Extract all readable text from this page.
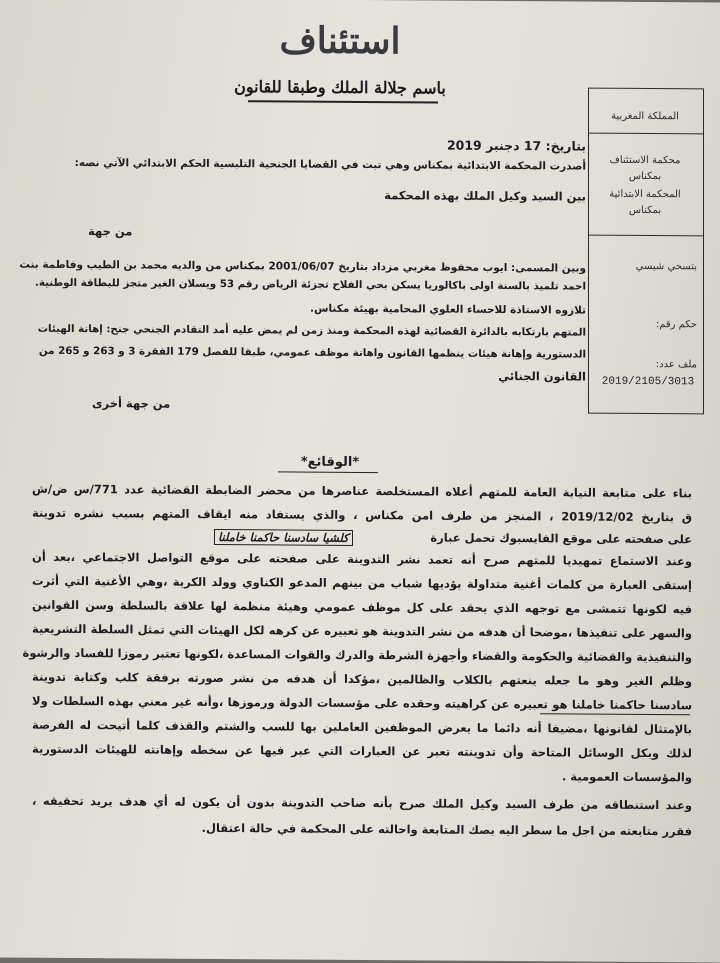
استئناف
باسم جلالة الملك وطبقا للقانون
المملكة المغربية
محكمة الاستئناف
بمكناس
المحكمة الابتدائية
بمكناس
بتسحي شيسي
حكم رقم:
ملف عدد:
2019/2105/3013
بتاريخ: 17 دجنبر 2019
أصدرت المحكمة الابتدائية بمكناس وهي تبت في القضايا الجنحية التلبسية الحكم الابتدائي الآتي نصه:
بين السيد وكيل الملك بهذه المحكمة
من جهة
وبين المسمى: ايوب محفوظ مغربي مزداد بتاريخ 2001/06/07 بمكناس من والديه محمد بن الطيب وفاطمة بنت
احمد تلميذ بالسنة اولى باكالوريا يسكن بحي الفلاح تجزئة الرياض رقم 53 ويسلان الغير متجز للبطاقة الوطنية.
تلازوه الاستاذة للاحساء العلوي المحامية بهيئة مكناس.
المتهم بارتكابه بالدائرة القضائية لهذه المحكمة ومنذ زمن لم يمض عليه أمد التقادم الجنحي جنح: إهانة الهيئات
الدستورية وإهانة هيئات ينظمها القانون واهانة موظف عمومي، طبقا للفصل 179 الفقرة 3 و 263 و 265 من
القانون الجنائي
من جهة أخرى
*الوقائع*
بناء على متابعة النيابة العامة للمتهم أعلاه المستخلصة عناصرها من محضر الضابطة القضائية عدد 771/س ض/ش
ق بتاريخ 2019/12/02 ، المنجز من طرف امن مكناس ، والذي يستفاد منه ايقاف المتهم بسبب نشره تدوينة
على صفحته على موقع الفايسبوك تحمل عبارة
كلشيا سادسنا حاكمنا خاملنا
وعند الاستماع تمهيديا للمتهم صرح أنه تعمد نشر التدوينة على صفحته على موقع التواصل الاجتماعي ،بعد أن
إستقى العبارة من كلمات أغنية متداولة يؤديها شباب من بينهم المدعو الكناوي وولد الكرية ،وهي الأغنية التي أثرت
فيه لكونها تتمشى مع توجهه الذي يحقد على كل موظف عمومي وهيئة منظمة لها علاقة بالسلطة وسن القوانين
والسهر على تنفيذها ،موضحا أن هدفه من نشر التدوينة هو تعبيره عن كرهه لكل الهيئات التي تمثل السلطة التشريعية
والتنفيذية والقضائية والحكومة والقضاء وأجهزة الشرطة والدرك والقوات المساعدة ،لكونها تعتبر رموزا للفساد والرشوة
وظلم الغير وهو ما جعله ينعتهم بالكلاب والظالمين ،مؤكدا أن هدفه من نشر صورته برفقة كلب وكتابة تدوينة
سادسنا حاكمنا خاملنا هو تعبيره عن كراهيته وحقده على مؤسسات الدولة ورموزها ،وأنه غير معني بهذه السلطات ولا
بالإمتثال لقانونها ،مضيفا أنه دائما ما يعرض الموظفين العاملين بها للسب والشتم والقذف كلما أتيحت له الفرصة
لذلك وبكل الوسائل المتاحة وأن تدوينته تعبر عن العبارات التي عبر فيها عن سخطه وإهانته للهيئات الدستورية
والمؤسسات العمومية .
وعند استنطاقه من طرف السيد وكيل الملك صرح بأنه صاحب التدوينة بدون أن يكون له أي هدف يريد تحقيقه ،
فقرر متابعته من اجل ما سطر اليه بصك المتابعة واحالته على المحكمة في حالة اعتقال.
